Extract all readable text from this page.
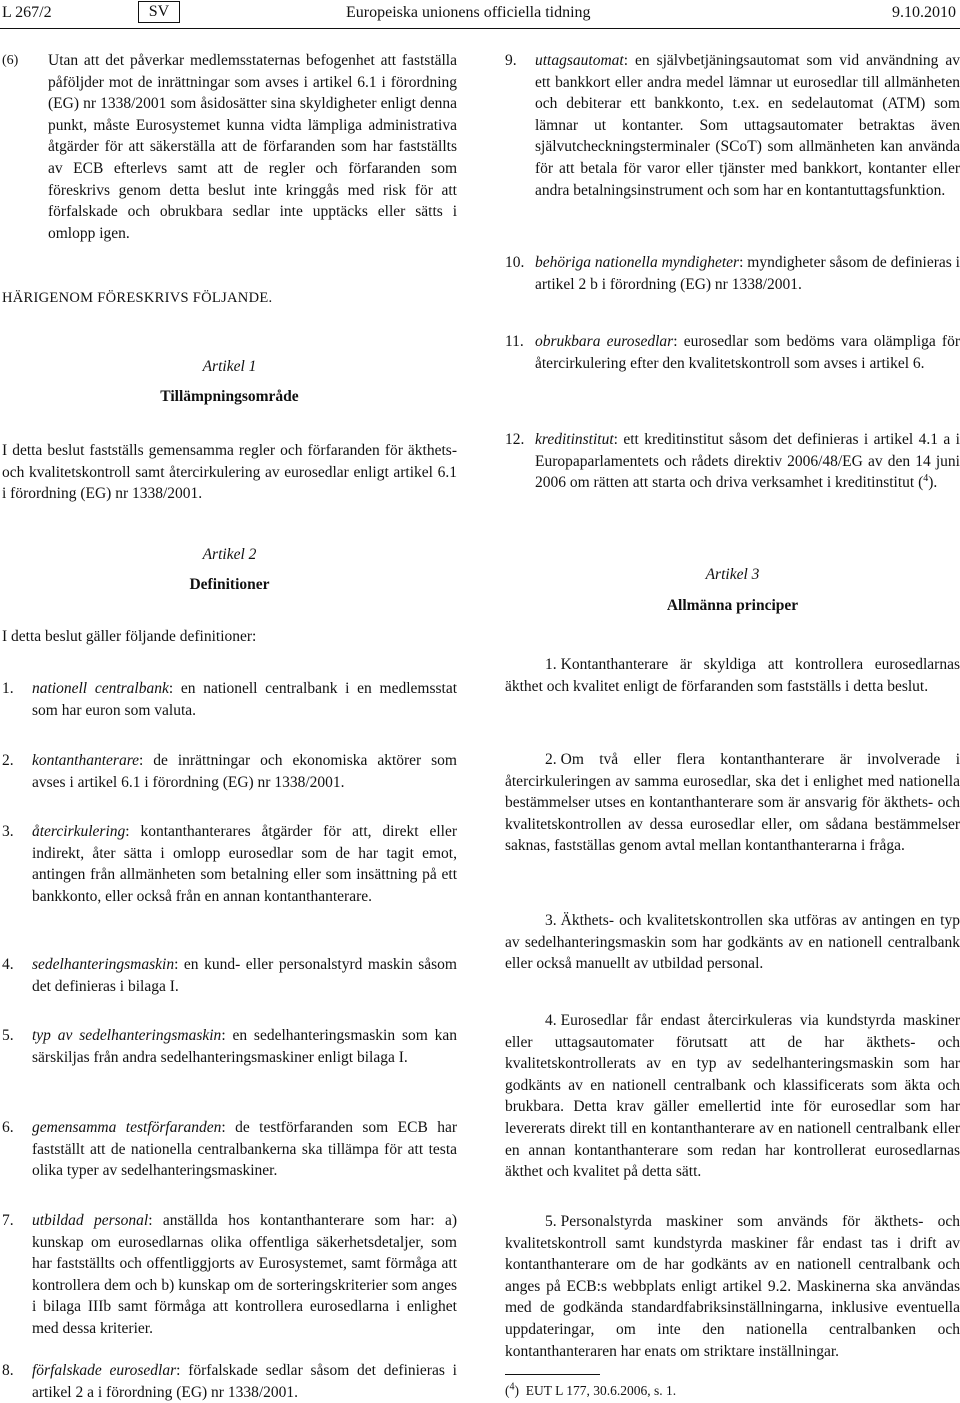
L 267/2	SV	Europeiska unionens officiella tidning	9.10.2010
(6)	Utan att det påverkar medlemsstaternas befogenhet att fastställa påföljder mot de inrättningar som avses i artikel 6.1 i förordning (EG) nr 1338/2001 som åsidosätter sina skyldigheter enligt denna punkt, måste Eurosystemet kunna vidta lämpliga administrativa åtgärder för att säkerställa att de förfaranden som har fastställts av ECB efterlevs samt att de regler och förfaranden som föreskrivs genom detta beslut inte kringgås med risk för att förfalskade och obrukbara sedlar inte upptäcks eller sätts i omlopp igen.
HÄRIGENOM FÖRESKRIVS FÖLJANDE.
Artikel 1
Tillämpningsområde
I detta beslut fastställs gemensamma regler och förfaranden för äkthets- och kvalitetskontroll samt återcirkulering av eurosedlar enligt artikel 6.1 i förordning (EG) nr 1338/2001.
Artikel 2
Definitioner
I detta beslut gäller följande definitioner:
1.	nationell centralbank: en nationell centralbank i en medlemsstat som har euron som valuta.
2.	kontanthanterare: de inrättningar och ekonomiska aktörer som avses i artikel 6.1 i förordning (EG) nr 1338/2001.
3.	återcirkulering: kontanthanterares åtgärder för att, direkt eller indirekt, åter sätta i omlopp eurosedlar som de har tagit emot, antingen från allmänheten som betalning eller som insättning på ett bankkonto, eller också från en annan kontanthanterare.
4.	sedelhanteringsmaskin: en kund- eller personalstyrd maskin såsom det definieras i bilaga I.
5.	typ av sedelhanteringsmaskin: en sedelhanteringsmaskin som kan särskiljas från andra sedelhanteringsmaskiner enligt bilaga I.
6.	gemensamma testförfaranden: de testförfaranden som ECB har fastställt att de nationella centralbankerna ska tillämpa för att testa olika typer av sedelhanteringsmaskiner.
7.	utbildad personal: anställda hos kontanthanterare som har: a) kunskap om eurosedlarnas olika offentliga säkerhetsdetaljer, som har fastställts och offentliggjorts av Eurosystemet, samt förmåga att kontrollera dem och b) kunskap om de sorteringskriterier som anges i bilaga IIIb samt förmåga att kontrollera eurosedlarna i enlighet med dessa kriterier.
8.	förfalskade eurosedlar: förfalskade sedlar såsom det definieras i artikel 2 a i förordning (EG) nr 1338/2001.
9.	uttagsautomat: en självbetjäningsautomat som vid användning av ett bankkort eller andra medel lämnar ut eurosedlar till allmänheten och debiterar ett bankkonto, t.ex. en sedelautomat (ATM) som lämnar ut kontanter. Som uttagsautomater betraktas även självutcheckningsterminaler (SCoT) som allmänheten kan använda för att betala för varor eller tjänster med bankkort, kontanter eller andra betalningsinstrument och som har en kontantuttagsfunktion.
10. behöriga nationella myndigheter: myndigheter såsom de definieras i artikel 2 b i förordning (EG) nr 1338/2001.
11. obrukbara eurosedlar: eurosedlar som bedöms vara olämpliga för återcirkulering efter den kvalitetskontroll som avses i artikel 6.
12. kreditinstitut: ett kreditinstitut såsom det definieras i artikel 4.1 a i Europaparlamentets och rådets direktiv 2006/48/EG av den 14 juni 2006 om rätten att starta och driva verksamhet i kreditinstitut ($^4$).
Artikel 3
Allmänna principer
1. Kontanthanterare är skyldiga att kontrollera eurosedlarnas äkthet och kvalitet enligt de förfaranden som fastställs i detta beslut.
2. Om två eller flera kontanthanterare är involverade i återcirkuleringen av samma eurosedlar, ska det i enlighet med nationella bestämmelser utses en kontanthanterare som är ansvarig för äkthets- och kvalitetskontrollen av dessa eurosedlar eller, om sådana bestämmelser saknas, fastställas genom avtal mellan kontanthanterarna i fråga.
3. Äkthets- och kvalitetskontrollen ska utföras av antingen en typ av sedelhanteringsmaskin som har godkänts av en nationell centralbank eller också manuellt av utbildad personal.
4. Eurosedlar får endast återcirkuleras via kundstyrda maskiner eller uttagsautomater förutsatt att de har äkthets- och kvalitetskontrollerats av en typ av sedelhanteringsmaskin som har godkänts av en nationell centralbank och klassificerats som äkta och brukbara. Detta krav gäller emellertid inte för eurosedlar som har levererats direkt till en kontanthanterare av en nationell centralbank eller en annan kontanthanterare som redan har kontrollerat eurosedlarnas äkthet och kvalitet på detta sätt.
5. Personalstyrda maskiner som används för äkthets- och kvalitetskontroll samt kundstyrda maskiner får endast tas i drift av kontanthanterare om de har godkänts av en nationell centralbank och anges på ECB:s webbplats enligt artikel 9.2. Maskinerna ska användas med de godkända standardfabriksinställningarna, inklusive eventuella uppdateringar, om inte den nationella centralbanken och kontanthanteraren har enats om striktare inställningar.
($^4$)  EUT L 177, 30.6.2006, s. 1.
